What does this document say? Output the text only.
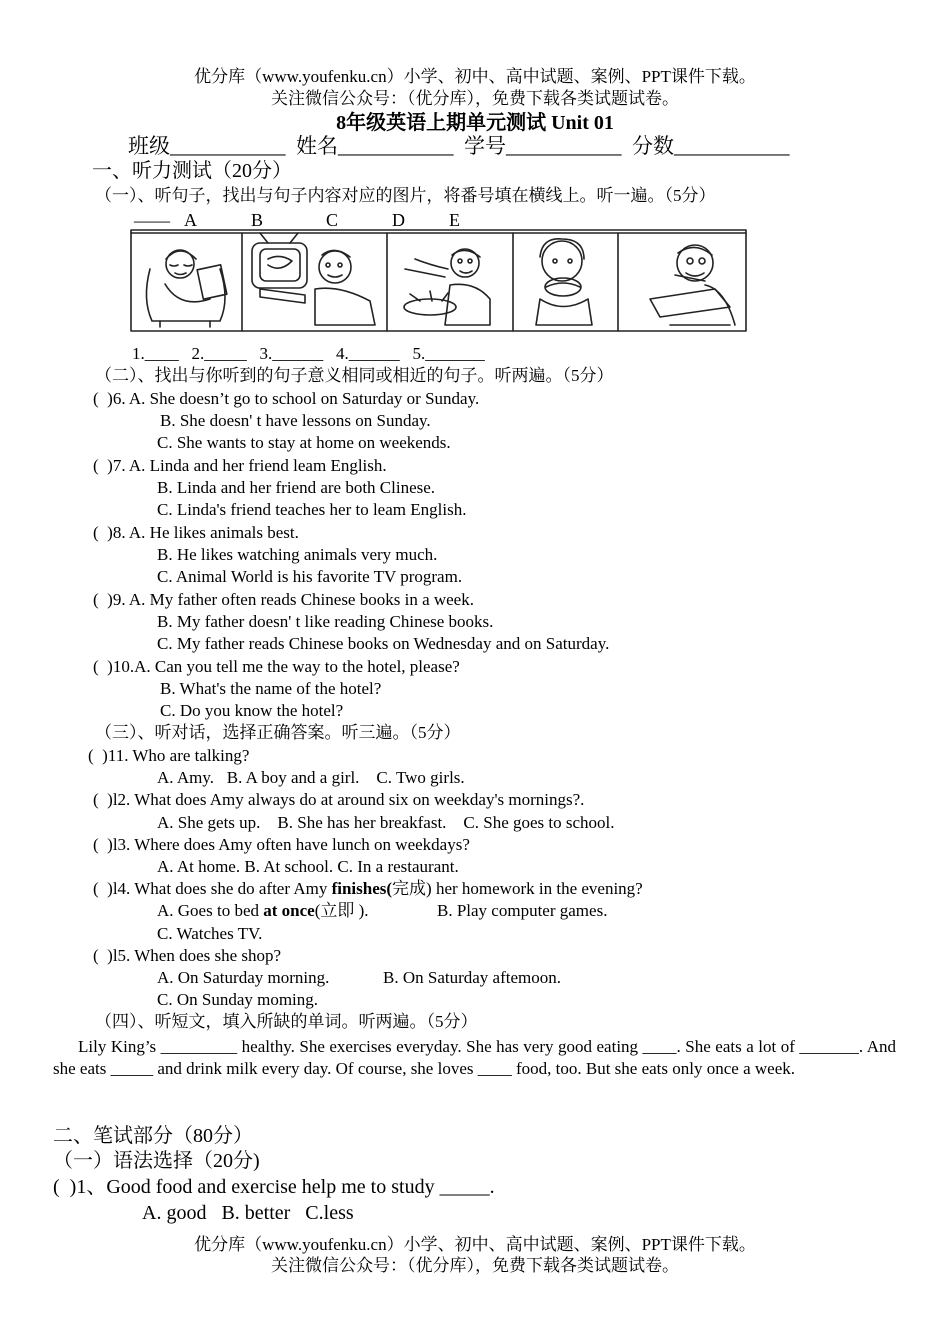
优分库（www.youfenku.cn）小学、初中、高中试题、案例、PPT课件下载。
关注微信公众号：（优分库），免费下载各类试题试卷。
8年级英语上期单元测试 Unit 01
班级___________  姓名___________  学号___________  分数___________
一、听力测试（20分）
（一）、听句子，找出与句子内容对应的图片，将番号填在横线上。听一遍。（5分）
____ A	B	C	D E
1.____   2._____   3.______   4.______   5._______
（二）、找出与你听到的句子意义相同或相近的句子。听两遍。（5分）
(  )6. A. She doesn’t go to school on Saturday or Sunday.
B. She doesn' t have lessons on Sunday.
C. She wants to stay at home on weekends.
(  )7. A. Linda and her friend leam English.
B. Linda and her friend are both Clinese.
C. Linda's friend teaches her to leam English.
(  )8. A. He likes animals best.
B. He likes watching animals very much.
C. Animal World is his favorite TV program.
(  )9. A. My father often reads Chinese books in a week.
B. My father doesn' t like reading Chinese books.
C. My father reads Chinese books on Wednesday and on Saturday.
(  )10.A. Can you tell me the way to the hotel, please?
B. What's the name of the hotel?
C. Do you know the hotel?
（三）、听对话，选择正确答案。听三遍。（5分）
(  )11. Who are talking?
A. Amy.   B. A boy and a girl.    C. Two girls.
(  )l2. What does Amy always do at around six on weekday's mornings?.
A. She gets up.    B. She has her breakfast.    C. She goes to school.
(  )l3. Where does Amy often have lunch on weekdays?
A. At home. B. At school. C. In a restaurant.
(  )l4. What does she do after Amy finishes(完成) her homework in the evening?
A. Goes to bed at once(立即 ).	B. Play computer games.
C. Watches TV.
(  )l5. When does she shop?
A. On Saturday morning.	B. On Saturday aftemoon.
C. On Sunday moming.
（四）、听短文，填入所缺的单词。听两遍。（5分）
Lily King’s _________ healthy. She exercises everyday. She has very good eating ____. She eats a lot of _______. And she eats _____ and drink milk every day. Of course, she loves ____ food, too. But she eats only once a week.
二、笔试部分（80分）
（一）语法选择（20分)
(  )1、Good food and exercise help me to study _____.
A. good   B. better   C.less
优分库（www.youfenku.cn）小学、初中、高中试题、案例、PPT课件下载。
关注微信公众号：（优分库），免费下载各类试题试卷。
